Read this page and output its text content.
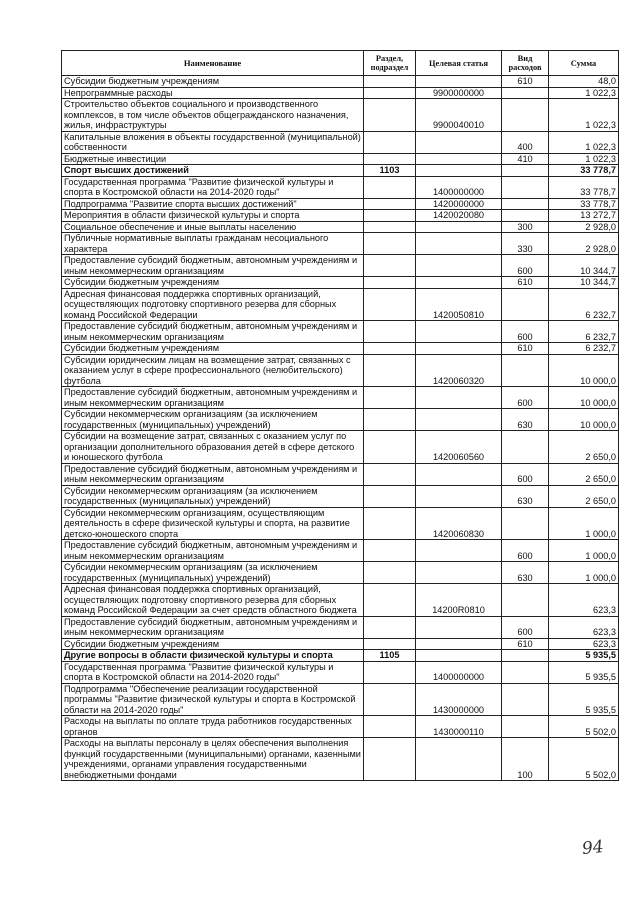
Наименование	Раздел, подраздел	Целевая статья	Вид расходов	Сумма
Субсидии бюджетным учреждениям			610	48,0
Непрограммные расходы		9900000000		1 022,3
Строительство объектов социального и производственного комплексов, в том числе объектов общегражданского назначения, жилья, инфраструктуры		9900040010		1 022,3
Капитальные вложения в объекты государственной (муниципальной) собственности			400	1 022,3
Бюджетные инвестиции			410	1 022,3
Спорт высших достижений	1103			33 778,7
Государственная программа "Развитие физической культуры и спорта в Костромской области на 2014-2020 годы"		1400000000		33 778,7
Подпрограмма "Развитие спорта высших достижений"		1420000000		33 778,7
Мероприятия в области физической культуры и спорта		1420020080		13 272,7
Социальное обеспечение и иные выплаты населению			300	2 928,0
Публичные нормативные выплаты гражданам несоциального характера			330	2 928,0
Предоставление субсидий бюджетным, автономным учреждениям и иным некоммерческим организациям			600	10 344,7
Субсидии бюджетным учреждениям			610	10 344,7
Адресная финансовая поддержка спортивных организаций, осуществляющих подготовку спортивного резерва для сборных команд Российской Федерации		1420050810		6 232,7
Предоставление субсидий бюджетным, автономным учреждениям и иным некоммерческим организациям			600	6 232,7
Субсидии бюджетным учреждениям			610	6 232,7
Субсидии юридическим лицам на возмещение затрат, связанных с оказанием услуг в сфере профессионального (нелюбительского) футбола		1420060320		10 000,0
Предоставление субсидий бюджетным, автономным учреждениям и иным некоммерческим организациям			600	10 000,0
Субсидии некоммерческим организациям (за исключением государственных (муниципальных) учреждений)			630	10 000,0
Субсидии на возмещение затрат, связанных с оказанием услуг по организации дополнительного образования детей в сфере детского и юношеского футбола		1420060560		2 650,0
Предоставление субсидий бюджетным, автономным учреждениям и иным некоммерческим организациям			600	2 650,0
Субсидии некоммерческим организациям (за исключением государственных (муниципальных) учреждений)			630	2 650,0
Субсидии некоммерческим организациям, осуществляющим деятельность в сфере физической культуры и спорта, на развитие детско-юношеского спорта		1420060830		1 000,0
Предоставление субсидий бюджетным, автономным учреждениям и иным некоммерческим организациям			600	1 000,0
Субсидии некоммерческим организациям (за исключением государственных (муниципальных) учреждений)			630	1 000,0
Адресная финансовая поддержка спортивных организаций, осуществляющих подготовку спортивного резерва для сборных команд Российской Федерации за счет средств областного бюджета		14200R0810		623,3
Предоставление субсидий бюджетным, автономным учреждениям и иным некоммерческим организациям			600	623,3
Субсидии бюджетным учреждениям			610	623,3
Другие вопросы в области физической культуры и спорта	1105			5 935,5
Государственная программа "Развитие физической культуры и спорта в Костромской области на 2014-2020 годы"		1400000000		5 935,5
Подпрограмма "Обеспечение реализации государственной программы "Развитие физической культуры и спорта в Костромской области на 2014-2020 годы"		1430000000		5 935,5
Расходы на выплаты по оплате труда работников государственных органов		1430000110		5 502,0
Расходы на выплаты персоналу в целях обеспечения выполнения функций государственными (муниципальными) органами, казенными учреждениями, органами управления государственными внебюджетными фондами			100	5 502,0
94
